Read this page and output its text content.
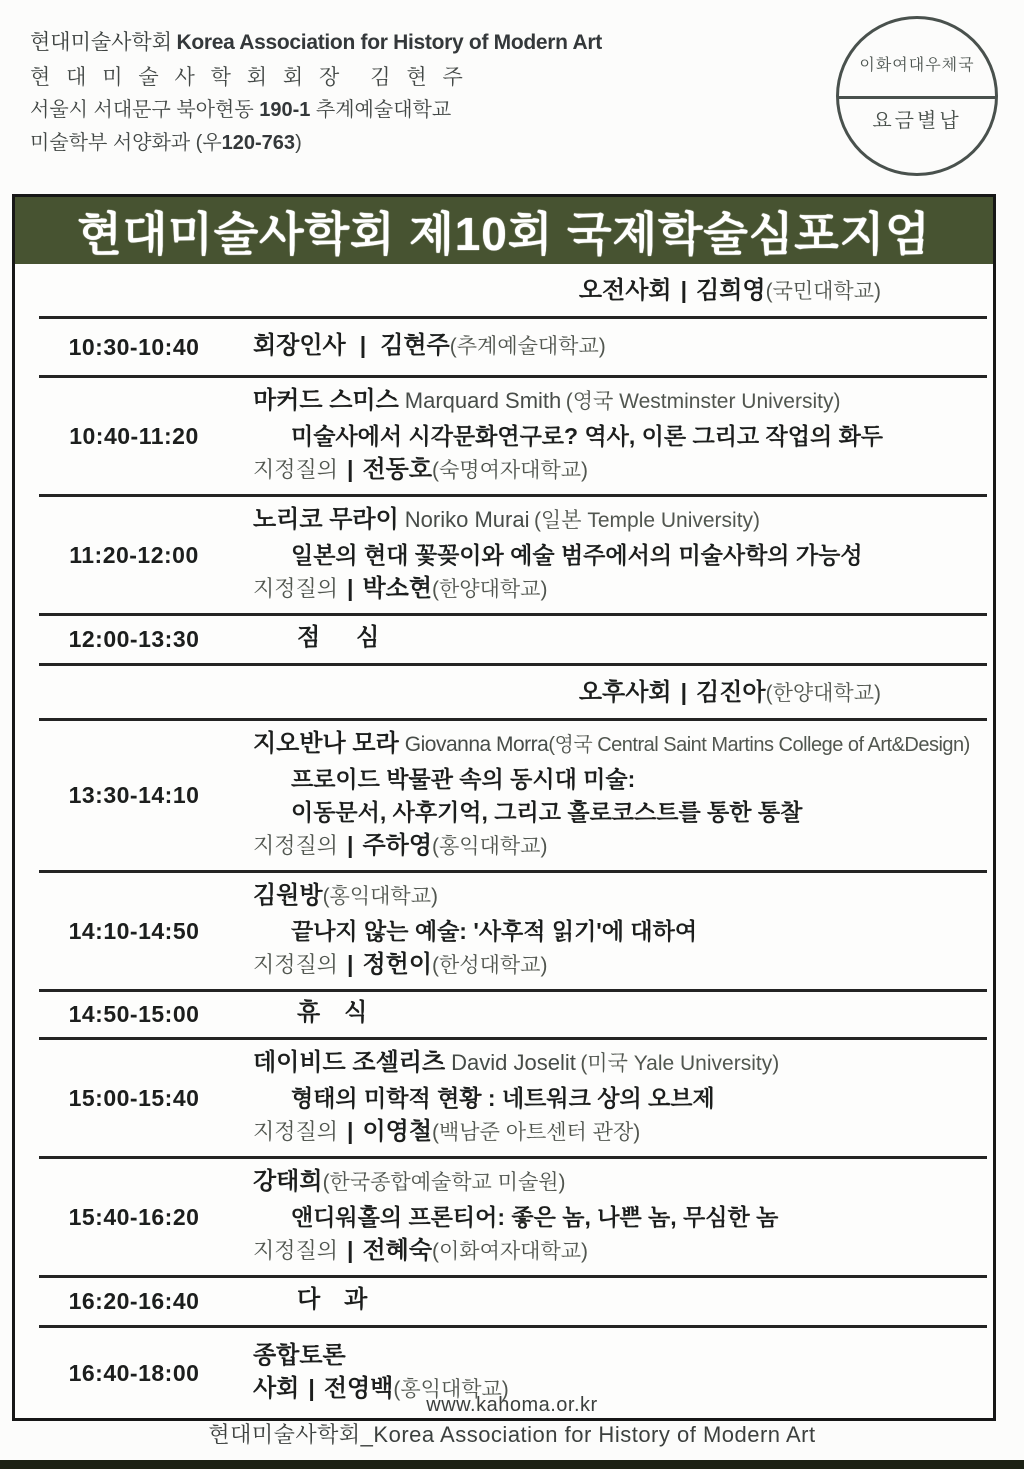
현대미술사학회 Korea Association for History of Modern Art
현 대 미 술 사 학 회 회 장 김 현 주
서울시 서대문구 북아현동 190-1 추계예술대학교
미술학부 서양화과 (우120-763)
이화여대우체국
요금별납
현대미술사학회 제10회 국제학술심포지엄
오전사회 | 김희영(국민대학교)
10:30-10:40	회장인사 | 김현주(추계예술대학교)
10:40-11:20
마커드 스미스 Marquard Smith (영국 Westminster University)
미술사에서 시각문화연구로? 역사, 이론 그리고 작업의 화두
지정질의 | 전동호(숙명여자대학교)
11:20-12:00
노리코 무라이 Noriko Murai (일본 Temple University)
일본의 현대 꽃꽂이와 예술 범주에서의 미술사학의 가능성
지정질의 | 박소현(한양대학교)
12:00-13:30	점  심
오후사회 | 김진아(한양대학교)
13:30-14:10
지오반나 모라 Giovanna Morra(영국 Central Saint Martins College of Art&Design)
프로이드 박물관 속의 동시대 미술:
이동문서, 사후기억, 그리고 홀로코스트를 통한 통찰
지정질의 | 주하영(홍익대학교)
14:10-14:50
김원방(홍익대학교)
끝나지 않는 예술: '사후적 읽기'에 대하여
지정질의 | 정헌이(한성대학교)
14:50-15:00	휴 식
15:00-15:40
데이비드 조셀리츠 David Joselit (미국 Yale University)
형태의 미학적 현황 : 네트워크 상의 오브제
지정질의 | 이영철(백남준 아트센터 관장)
15:40-16:20
강태희(한국종합예술학교 미술원)
앤디워홀의 프론티어: 좋은 놈, 나쁜 놈, 무심한 놈
지정질의 | 전혜숙(이화여자대학교)
16:20-16:40	다 과
16:40-18:00
종합토론
사회 | 전영백(홍익대학교)
www.kahoma.or.kr
현대미술사학회_Korea Association for History of Modern Art
